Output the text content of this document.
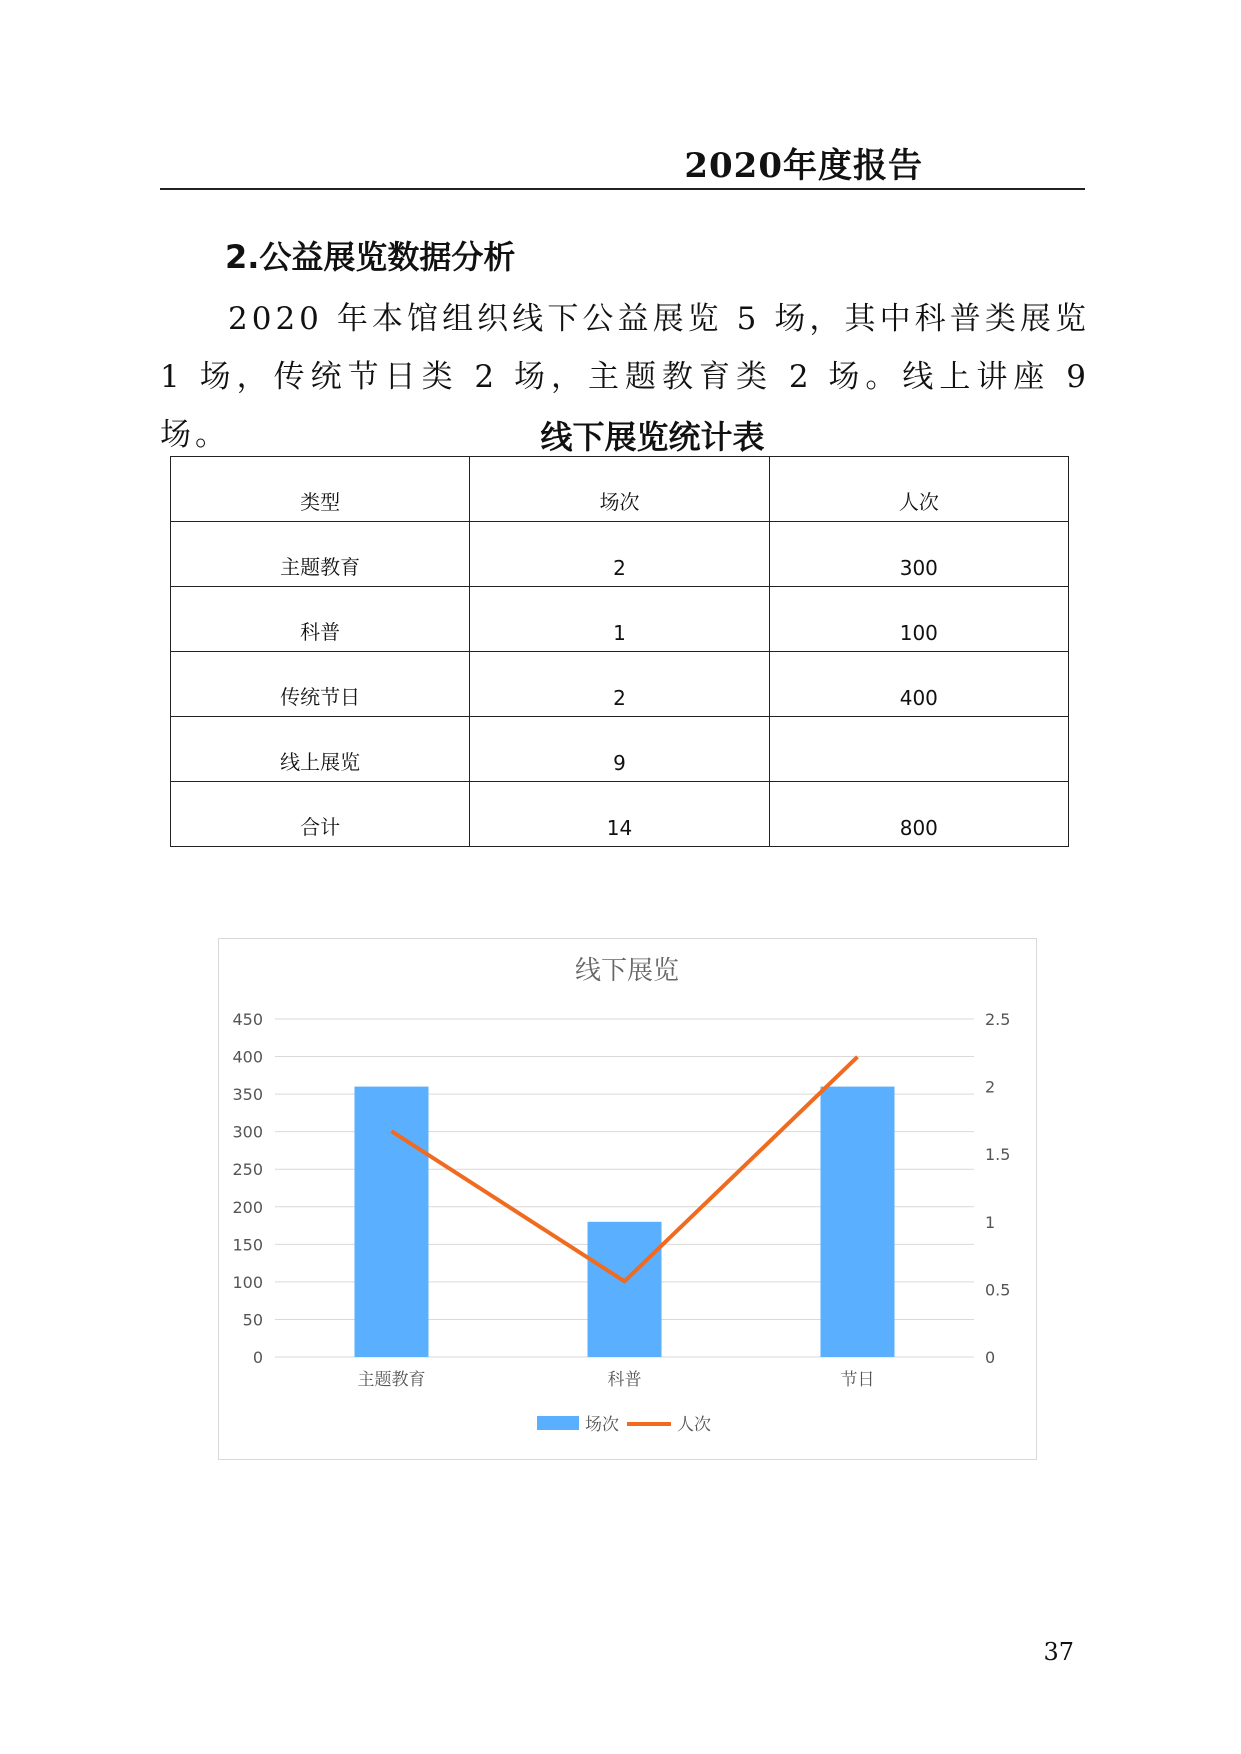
2020年度报告
2.公益展览数据分析
2020 年本馆组织线下公益展览 5 场，其中科普类展览 1 场，传统节日类 2 场，主题教育类 2 场。线上讲座 9 场。	线下展览统计表
类型	场次	人次
主题教育	2	300
科普	1	100
传统节日	2	400
线上展览	9	
合计	14	800
线下展览
0
50
100
150
200
250
300
350
400
450
0
0.5
1
1.5
2
2.5
主题教育	科普	节日
场次	人次
37
